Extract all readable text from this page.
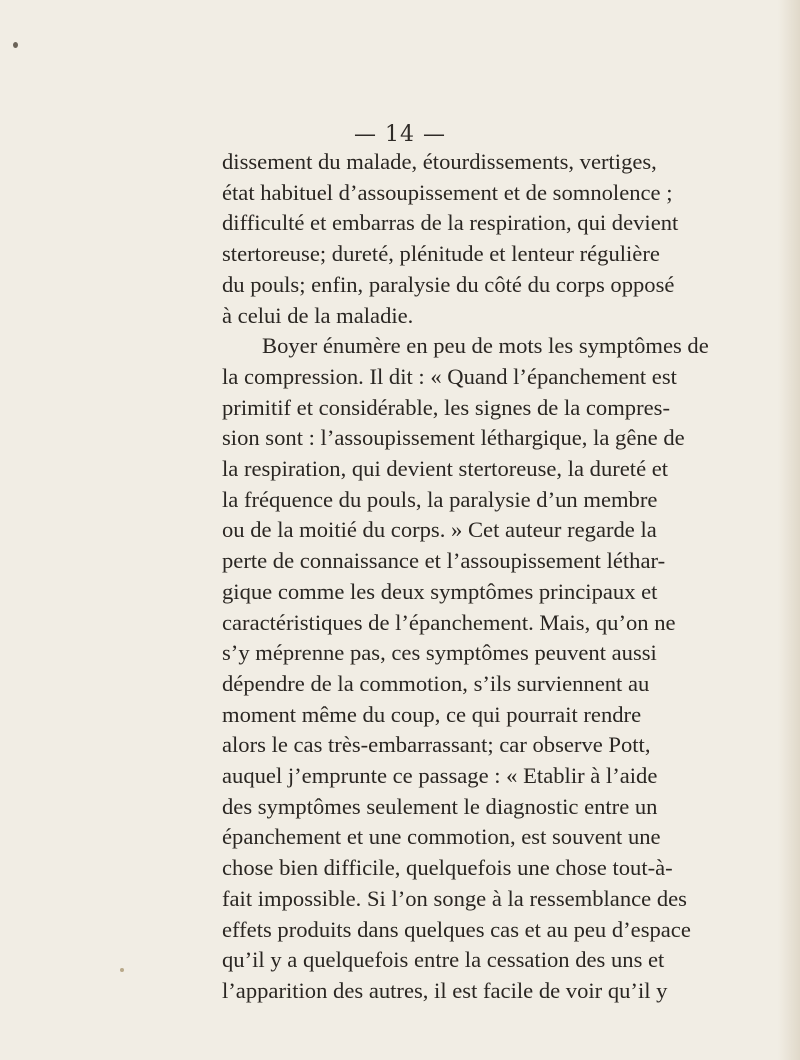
— 14 —
dissement du malade, étourdissements, vertiges,
état habituel d’assoupissement et de somnolence ;
difficulté et embarras de la respiration, qui devient
stertoreuse; dureté, plénitude et lenteur régulière
du pouls; enfin, paralysie du côté du corps opposé
à celui de la maladie.
Boyer énumère en peu de mots les symptômes de
la compression. Il dit : « Quand l’épanchement est
primitif et considérable, les signes de la compres-
sion sont : l’assoupissement léthargique, la gêne de
la respiration, qui devient stertoreuse, la dureté et
la fréquence du pouls, la paralysie d’un membre
ou de la moitié du corps. » Cet auteur regarde la
perte de connaissance et l’assoupissement léthar-
gique comme les deux symptômes principaux et
caractéristiques de l’épanchement. Mais, qu’on ne
s’y méprenne pas, ces symptômes peuvent aussi
dépendre de la commotion, s’ils surviennent au
moment même du coup, ce qui pourrait rendre
alors le cas très-embarrassant; car observe Pott,
auquel j’emprunte ce passage : « Etablir à l’aide
des symptômes seulement le diagnostic entre un
épanchement et une commotion, est souvent une
chose bien difficile, quelquefois une chose tout-à-
fait impossible. Si l’on songe à la ressemblance des
effets produits dans quelques cas et au peu d’espace
qu’il y a quelquefois entre la cessation des uns et
l’apparition des autres, il est facile de voir qu’il y
